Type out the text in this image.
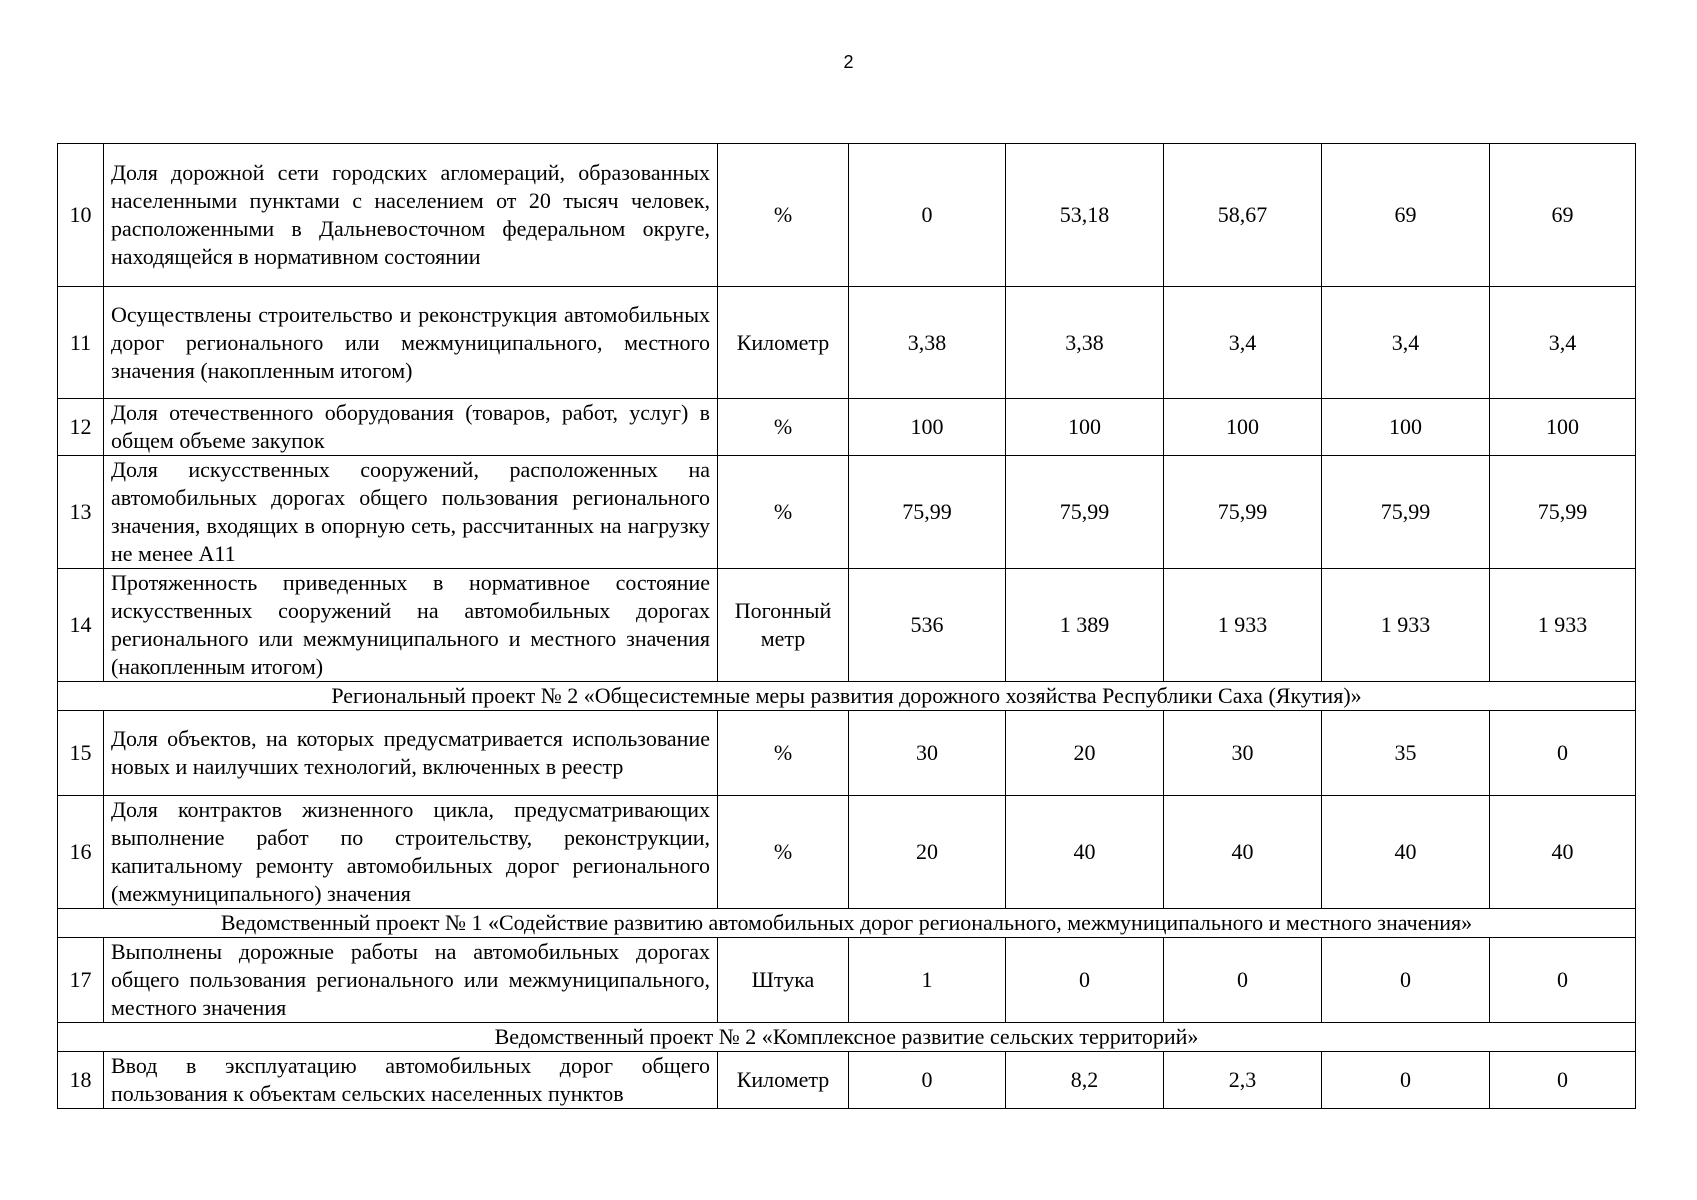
2
10	Доля дорожной сети городских агломераций, образованных населенными пунктами с населением от 20 тысяч человек, расположенными в Дальневосточном федеральном округе, находящейся в нормативном состоянии	%	0	53,18	58,67	69	69
11	Осуществлены строительство и реконструкция автомобильных дорог регионального или межмуниципального, местного значения (накопленным итогом)	Километр	3,38	3,38	3,4	3,4	3,4
12	Доля отечественного оборудования (товаров, работ, услуг) в общем объеме закупок	%	100	100	100	100	100
13	Доля искусственных сооружений, расположенных на автомобильных дорогах общего пользования регионального значения, входящих в опорную сеть, рассчитанных на нагрузку не менее А11	%	75,99	75,99	75,99	75,99	75,99
14	Протяженность приведенных в нормативное состояние искусственных сооружений на автомобильных дорогах регионального или межмуниципального и местного значения (накопленным итогом)	Погонный метр	536	1 389	1 933	1 933	1 933
Региональный проект № 2 «Общесистемные меры развития дорожного хозяйства Республики Саха (Якутия)»							
15	Доля объектов, на которых предусматривается использование новых и наилучших технологий, включенных в реестр	%	30	20	30	35	0
16	Доля контрактов жизненного цикла, предусматривающих выполнение работ по строительству, реконструкции, капитальному ремонту автомобильных дорог регионального (межмуниципального) значения	%	20	40	40	40	40
Ведомственный проект № 1 «Содействие развитию автомобильных дорог регионального, межмуниципального и местного значения»							
17	Выполнены дорожные работы на автомобильных дорогах общего пользования регионального или межмуниципального, местного значения	Штука	1	0	0	0	0
Ведомственный проект № 2 «Комплексное развитие сельских территорий»							
18	Ввод в эксплуатацию автомобильных дорог общего пользования к объектам сельских населенных пунктов	Километр	0	8,2	2,3	0	0
